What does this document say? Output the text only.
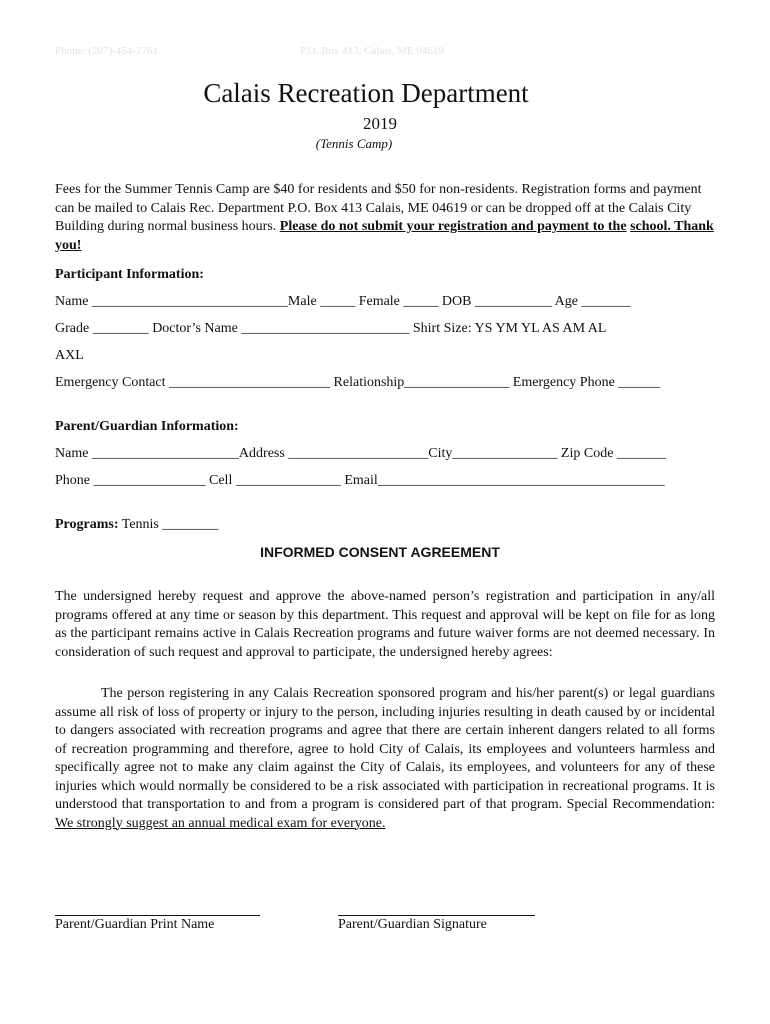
Phone: (207)-454-2761	P.O. Box 413, Calais, ME 04619
Calais Recreation Department
2019
(Tennis Camp)
Fees for the Summer Tennis Camp are $40 for residents and $50 for non-residents. Registration forms and payment can be mailed to Calais Rec. Department P.O. Box 413 Calais, ME 04619 or can be dropped off at the Calais City Building during normal business hours. Please do not submit your registration and payment to the school. Thank you!
Participant Information:
Name ____________________________Male _____ Female _____ DOB ___________ Age _______
Grade ________ Doctor’s Name ________________________ Shirt Size: YS YM YL AS AM AL
AXL
Emergency Contact _______________________ Relationship_______________ Emergency Phone ______
Parent/Guardian Information:
Name _____________________Address ____________________City_______________ Zip Code _______
Phone ________________ Cell _______________ Email_________________________________________
Programs: Tennis ________
INFORMED CONSENT AGREEMENT
The undersigned hereby request and approve the above-named person’s registration and participation in any/all programs offered at any time or season by this department. This request and approval will be kept on file for as long as the participant remains active in Calais Recreation programs and future waiver forms are not deemed necessary. In consideration of such request and approval to participate, the undersigned hereby agrees:
The person registering in any Calais Recreation sponsored program and his/her parent(s) or legal guardians assume all risk of loss of property or injury to the person, including injuries resulting in death caused by or incidental to dangers associated with recreation programs and agree that there are certain inherent dangers related to all forms of recreation programming and therefore, agree to hold City of Calais, its employees and volunteers harmless and specifically agree not to make any claim against the City of Calais, its employees, and volunteers for any of these injuries which would normally be considered to be a risk associated with participation in recreational programs. It is understood that transportation to and from a program is considered part of that program. Special Recommendation: We strongly suggest an annual medical exam for everyone.
Parent/Guardian Print Name	Parent/Guardian Signature
